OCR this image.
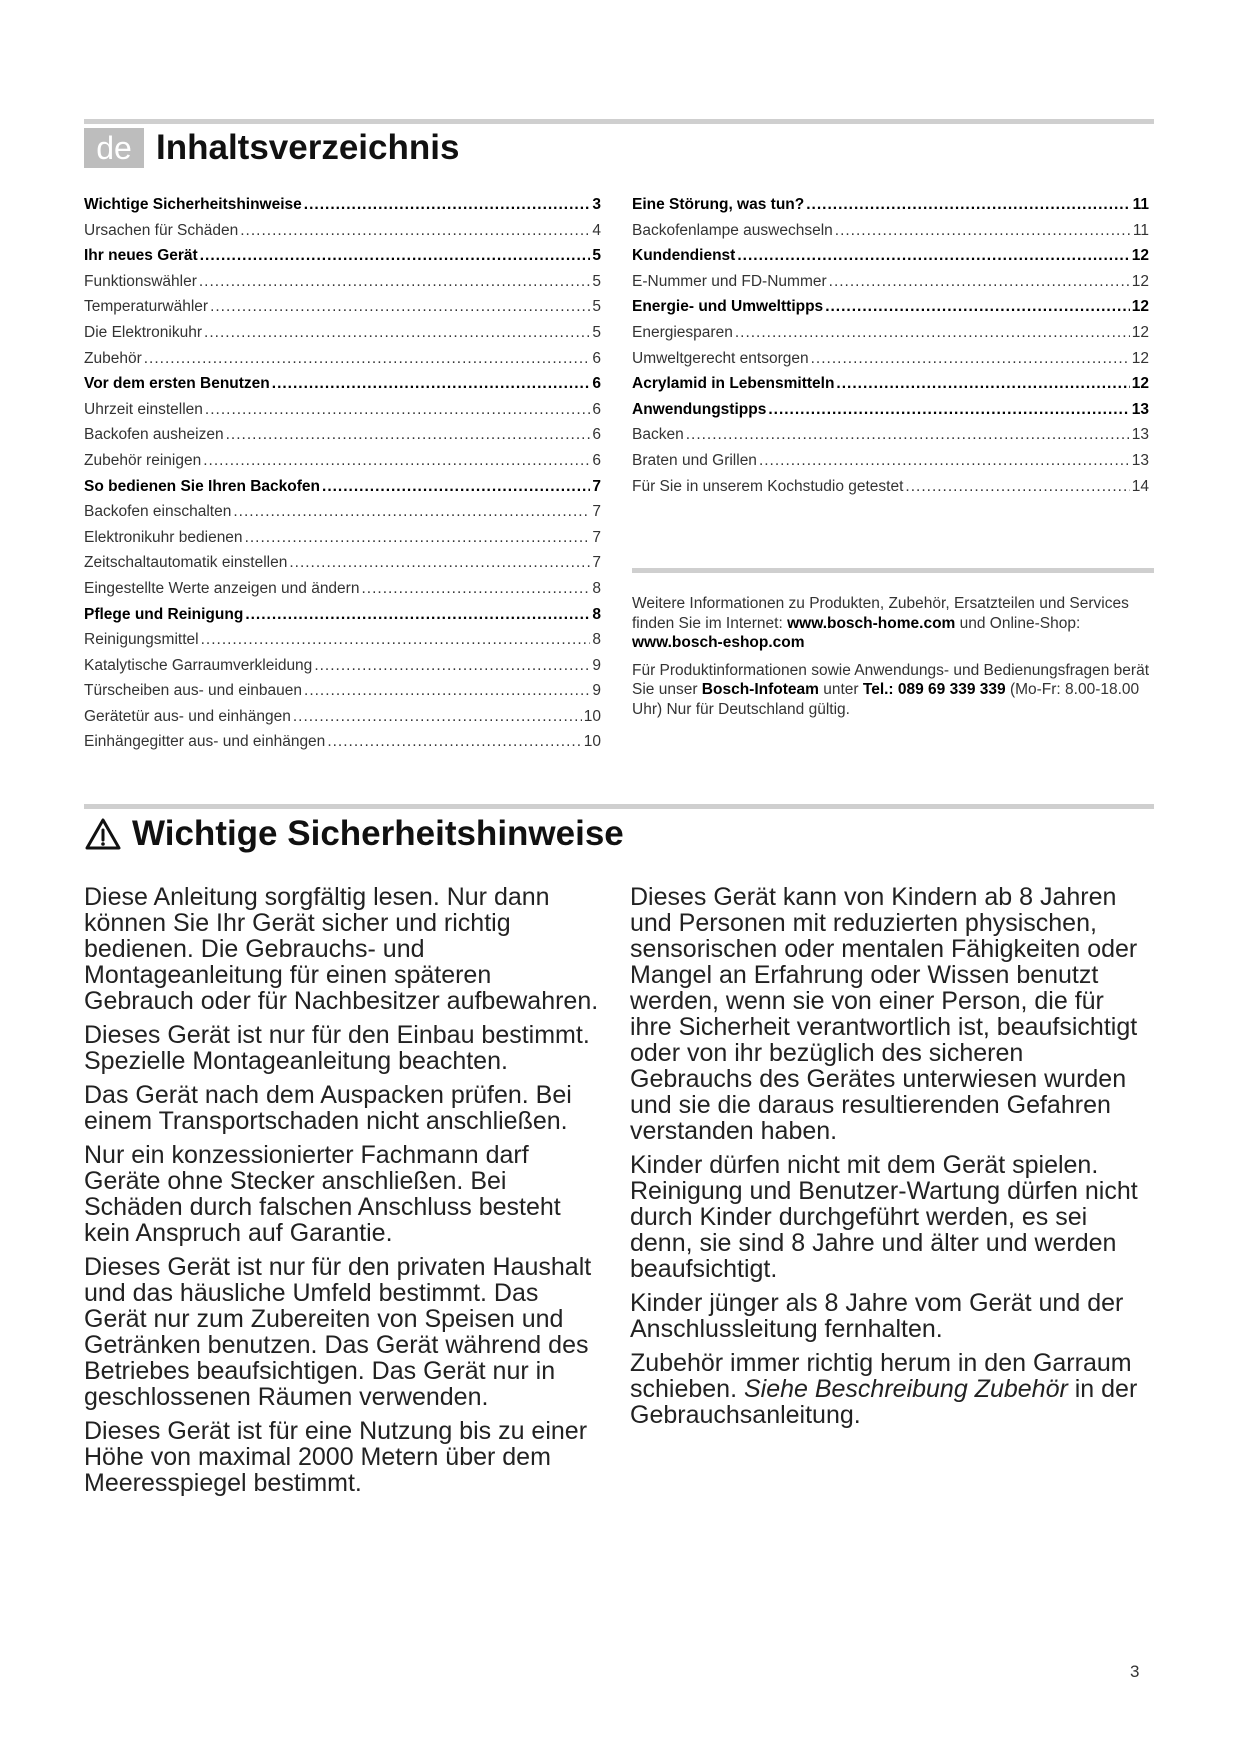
de Inhaltsverzeichnis
Wichtige Sicherheitshinweise .....	3
Ursachen für Schäden .....	4
Ihr neues Gerät .....	5
Funktionswähler .....	5
Temperaturwähler .....	5
Die Elektronikuhr .....	5
Zubehör .....	6
Vor dem ersten Benutzen .....	6
Uhrzeit einstellen .....	6
Backofen ausheizen .....	6
Zubehör reinigen .....	6
So bedienen Sie Ihren Backofen .....	7
Backofen einschalten .....	7
Elektronikuhr bedienen .....	7
Zeitschaltautomatik einstellen .....	7
Eingestellte Werte anzeigen und ändern .....	8
Pflege und Reinigung .....	8
Reinigungsmittel .....	8
Katalytische Garraumverkleidung .....	9
Türscheiben aus- und einbauen .....	9
Gerätetür aus- und einhängen .....	10
Einhängegitter aus- und einhängen .....	10
Eine Störung, was tun? .....	11
Backofenlampe auswechseln .....	11
Kundendienst .....	12
E-Nummer und FD-Nummer .....	12
Energie- und Umwelttipps .....	12
Energiesparen .....	12
Umweltgerecht entsorgen .....	12
Acrylamid in Lebensmitteln .....	12
Anwendungstipps .....	13
Backen .....	13
Braten und Grillen .....	13
Für Sie in unserem Kochstudio getestet .....	14

Weitere Informationen zu Produkten, Zubehör, Ersatzteilen und Services finden Sie im Internet: www.bosch-home.com und Online-Shop: www.bosch-eshop.com

Für Produktinformationen sowie Anwendungs- und Bedienungsfragen berät Sie unser Bosch-Infoteam unter Tel.: 089 69 339 339 (Mo-Fr: 8.00-18.00 Uhr) Nur für Deutschland gültig.

Wichtige Sicherheitshinweise

Diese Anleitung sorgfältig lesen. Nur dann können Sie Ihr Gerät sicher und richtig bedienen. Die Gebrauchs- und Montageanleitung für einen späteren Gebrauch oder für Nachbesitzer aufbewahren.

Dieses Gerät ist nur für den Einbau bestimmt. Spezielle Montageanleitung beachten.

Das Gerät nach dem Auspacken prüfen. Bei einem Transportschaden nicht anschließen.

Nur ein konzessionierter Fachmann darf Geräte ohne Stecker anschließen. Bei Schäden durch falschen Anschluss besteht kein Anspruch auf Garantie.

Dieses Gerät ist nur für den privaten Haushalt und das häusliche Umfeld bestimmt. Das Gerät nur zum Zubereiten von Speisen und Getränken benutzen. Das Gerät während des Betriebes beaufsichtigen. Das Gerät nur in geschlossenen Räumen verwenden.

Dieses Gerät ist für eine Nutzung bis zu einer Höhe von maximal 2000 Metern über dem Meeresspiegel bestimmt.

Dieses Gerät kann von Kindern ab 8 Jahren und Personen mit reduzierten physischen, sensorischen oder mentalen Fähigkeiten oder Mangel an Erfahrung oder Wissen benutzt werden, wenn sie von einer Person, die für ihre Sicherheit verantwortlich ist, beaufsichtigt oder von ihr bezüglich des sicheren Gebrauchs des Gerätes unterwiesen wurden und sie die daraus resultierenden Gefahren verstanden haben.

Kinder dürfen nicht mit dem Gerät spielen. Reinigung und Benutzer-Wartung dürfen nicht durch Kinder durchgeführt werden, es sei denn, sie sind 8 Jahre und älter und werden beaufsichtigt.

Kinder jünger als 8 Jahre vom Gerät und der Anschlussleitung fernhalten.

Zubehör immer richtig herum in den Garraum schieben. Siehe Beschreibung Zubehör in der Gebrauchsanleitung.

3
